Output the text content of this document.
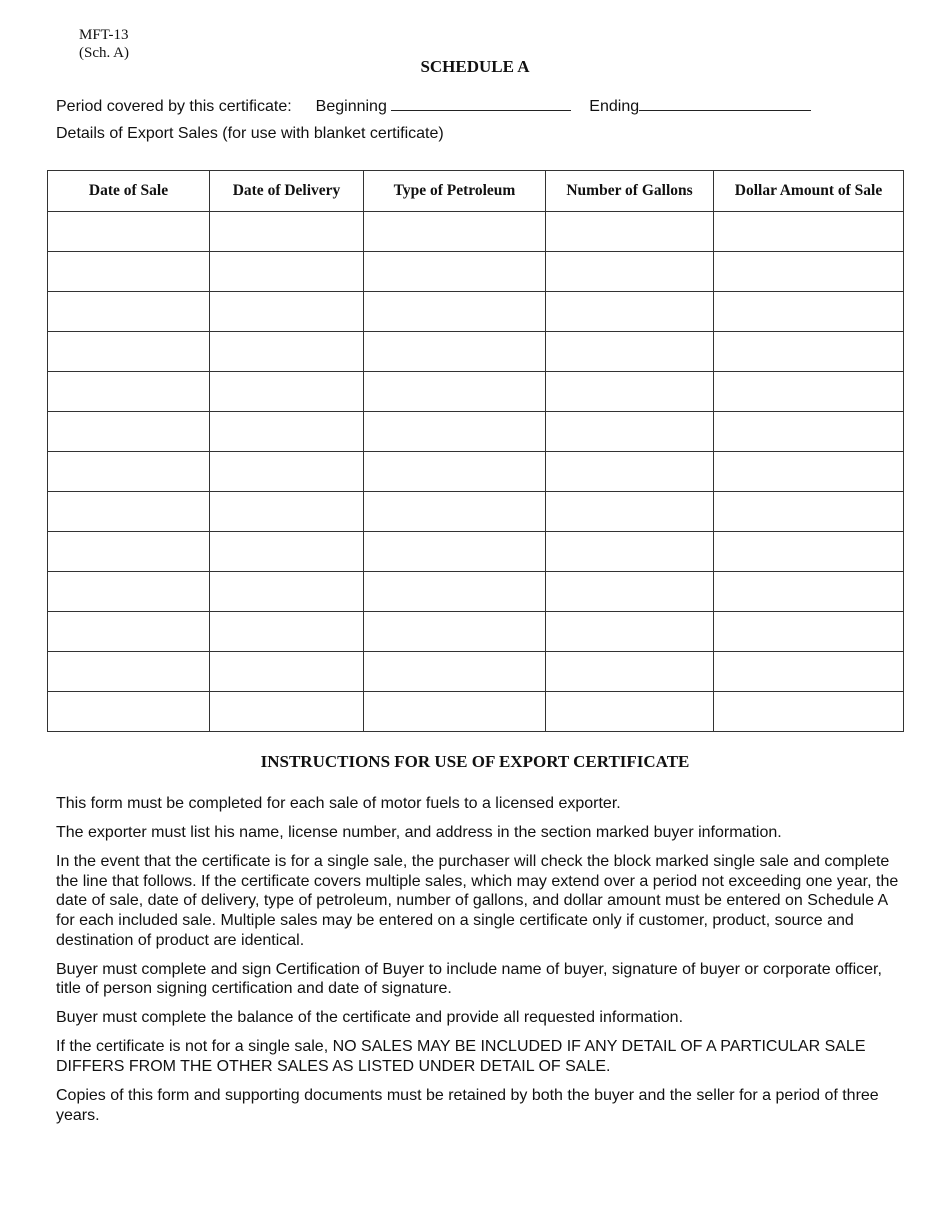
MFT-13
(Sch. A)
SCHEDULE A
Period covered by this certificate: Beginning	Ending
Details of Export Sales (for use with blanket certificate)
Date of Sale	Date of Delivery	Type of Petroleum	Number of Gallons	Dollar Amount of Sale

INSTRUCTIONS FOR USE OF EXPORT CERTIFICATE

This form must be completed for each sale of motor fuels to a licensed exporter.

The exporter must list his name, license number, and address in the section marked buyer information.

In the event that the certificate is for a single sale, the purchaser will check the block marked single sale and complete the line that follows. If the certificate covers multiple sales, which may extend over a period not exceeding one year, the date of sale, date of delivery, type of petroleum, number of gallons, and dollar amount must be entered on Schedule A for each included sale. Multiple sales may be entered on a single certificate only if customer, product, source and destination of product are identical.

Buyer must complete and sign Certification of Buyer to include name of buyer, signature of buyer or corporate officer, title of person signing certification and date of signature.

Buyer must complete the balance of the certificate and provide all requested information.

If the certificate is not for a single sale, NO SALES MAY BE INCLUDED IF ANY DETAIL OF A PARTICULAR SALE DIFFERS FROM THE OTHER SALES AS LISTED UNDER DETAIL OF SALE.

Copies of this form and supporting documents must be retained by both the buyer and the seller for a period of three years.
